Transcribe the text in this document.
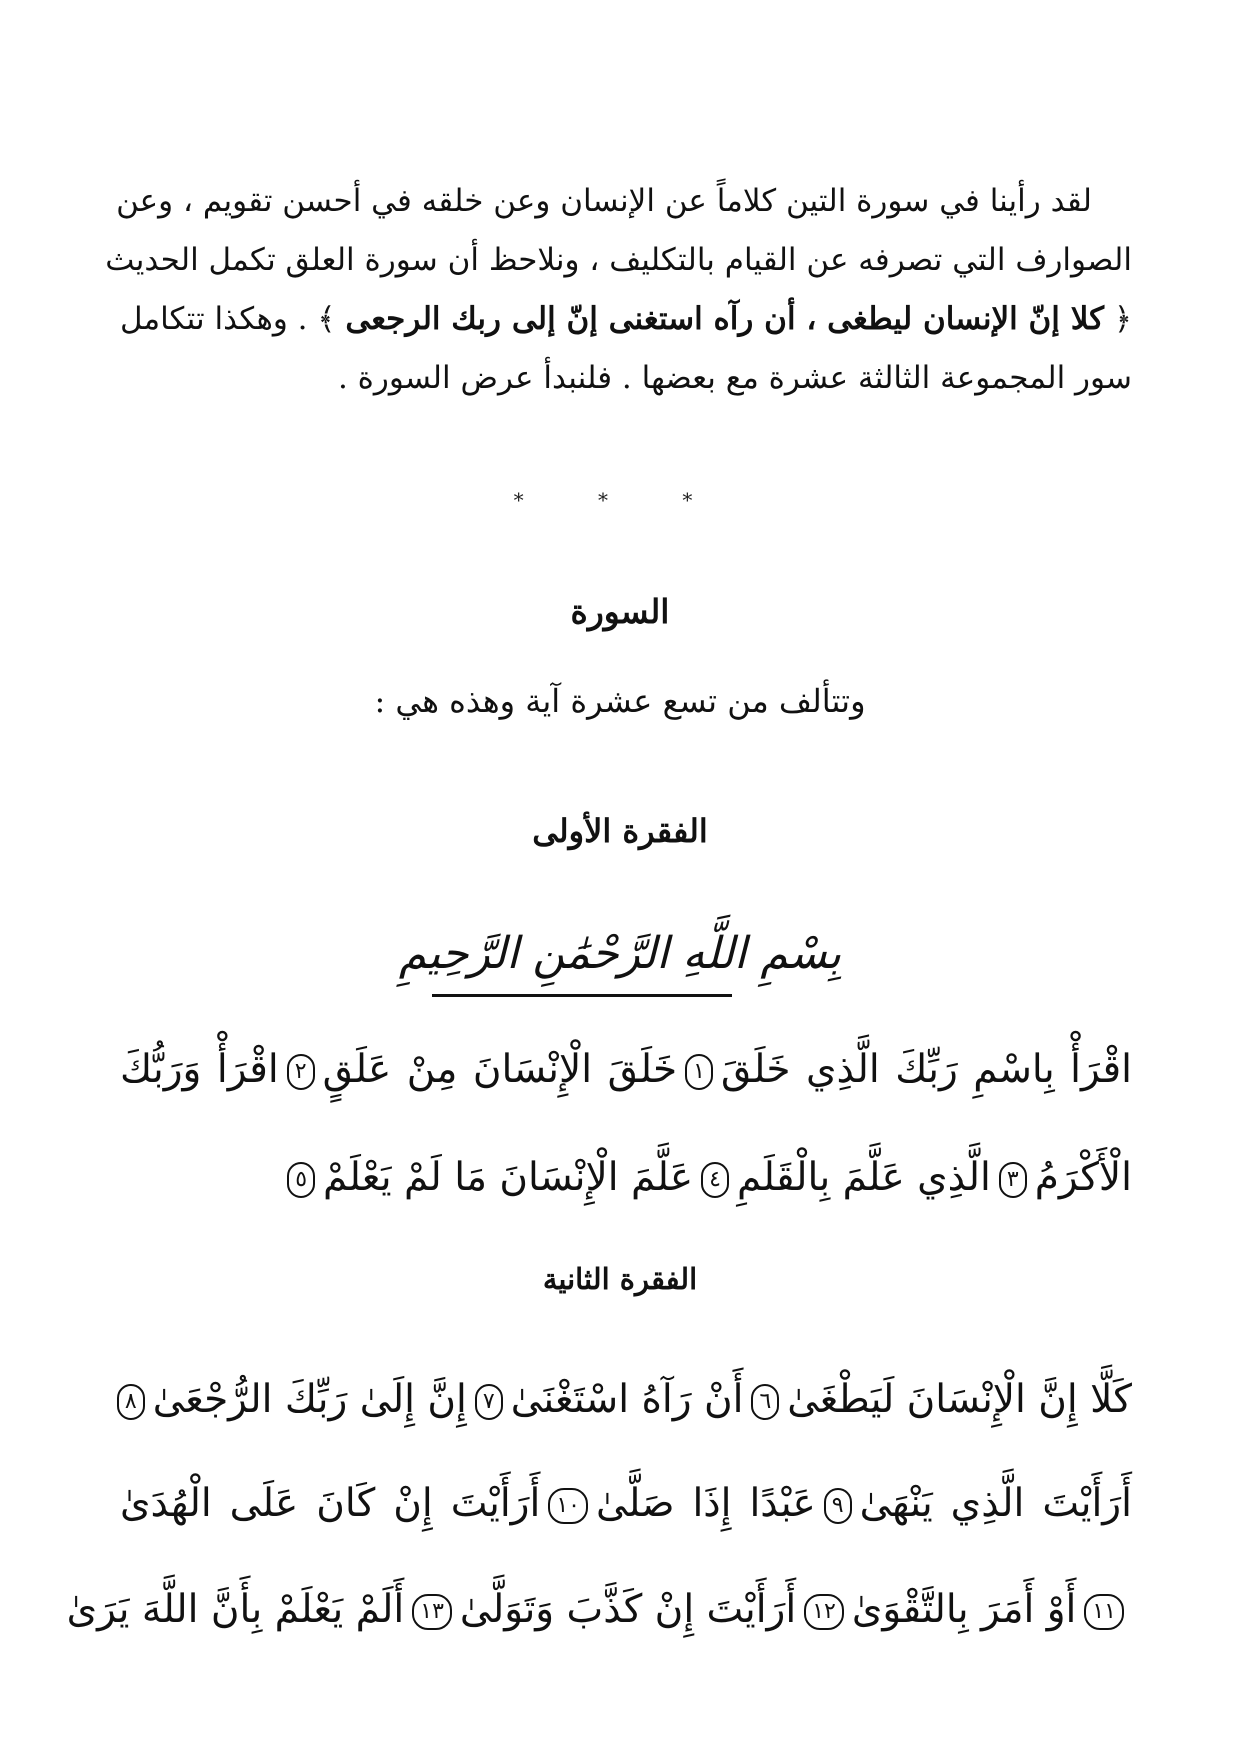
لقد رأينا في سورة التين كلاماً عن الإنسان وعن خلقه في أحسن تقويم ، وعن
الصوارف التي تصرفه عن القيام بالتكليف ، ونلاحظ أن سورة العلق تكمل الحديث
﴿ كلا إنّ الإنسان ليطغى ، أن رآه استغنى إنّ إلى ربك الرجعى ﴾ . وهكذا تتكامل
سور المجموعة الثالثة عشرة مع بعضها . فلنبدأ عرض السورة .
* * *
السورة
وتتألف من تسع عشرة آية وهذه هي :
الفقرة الأولى
بِسْمِ اللَّهِ الرَّحْمَٰنِ الرَّحِيمِ
اقْرَأْ بِاسْمِ رَبِّكَ الَّذِي خَلَقَ١خَلَقَ الْإِنْسَانَ مِنْ عَلَقٍ٢اقْرَأْ وَرَبُّكَ
الْأَكْرَمُ٣الَّذِي عَلَّمَ بِالْقَلَمِ٤عَلَّمَ الْإِنْسَانَ مَا لَمْ يَعْلَمْ٥
الفقرة الثانية
كَلَّا إِنَّ الْإِنْسَانَ لَيَطْغَىٰ٦أَنْ رَآهُ اسْتَغْنَىٰ٧إِنَّ إِلَىٰ رَبِّكَ الرُّجْعَىٰ٨
أَرَأَيْتَ الَّذِي يَنْهَىٰ٩عَبْدًا إِذَا صَلَّىٰ١٠أَرَأَيْتَ إِنْ كَانَ عَلَى الْهُدَىٰ
١١أَوْ أَمَرَ بِالتَّقْوَىٰ١٢أَرَأَيْتَ إِنْ كَذَّبَ وَتَوَلَّىٰ١٣أَلَمْ يَعْلَمْ بِأَنَّ اللَّهَ يَرَىٰ
